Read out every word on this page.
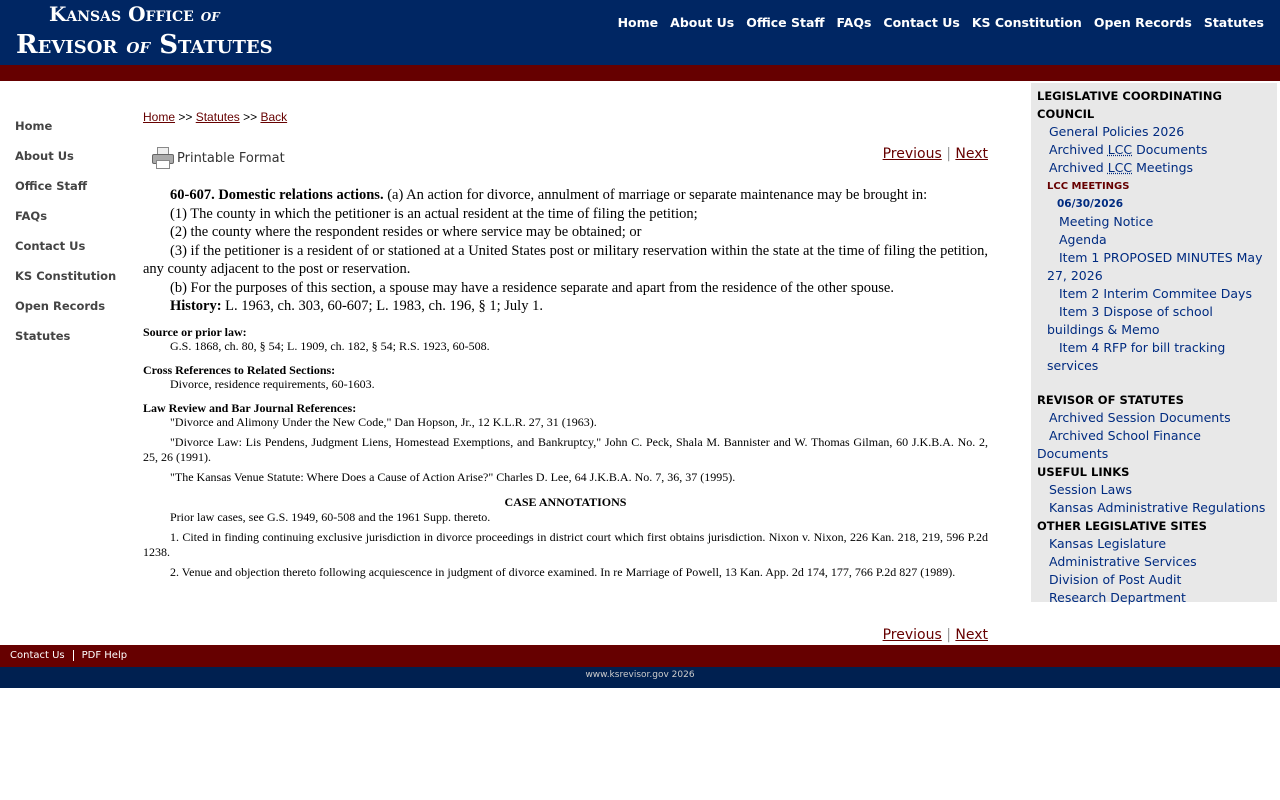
Kansas Office of
Revisor of Statutes
Home About Us Office Staff FAQs Contact Us KS Constitution Open Records Statutes
Home
About Us
Office Staff
FAQs
Contact Us
KS Constitution
Open Records
Statutes
Home >> Statutes >> Back
Printable Format	Previous | Next

60-607. Domestic relations actions. (a) An action for divorce, annulment of marriage or separate maintenance may be brought in:

(1) The county in which the petitioner is an actual resident at the time of filing the petition;

(2) the county where the respondent resides or where service may be obtained; or

(3) if the petitioner is a resident of or stationed at a United States post or military reservation within the state at the time of filing the petition, any county adjacent to the post or reservation.

(b) For the purposes of this section, a spouse may have a residence separate and apart from the residence of the other spouse.

History: L. 1963, ch. 303, 60-607; L. 1983, ch. 196, § 1; July 1.

Source or prior law:
G.S. 1868, ch. 80, § 54; L. 1909, ch. 182, § 54; R.S. 1923, 60-508.
Cross References to Related Sections:
Divorce, residence requirements, 60-1603.
Law Review and Bar Journal References:
"Divorce and Alimony Under the New Code," Dan Hopson, Jr., 12 K.L.R. 27, 31 (1963).
"Divorce Law: Lis Pendens, Judgment Liens, Homestead Exemptions, and Bankruptcy," John C. Peck, Shala M. Bannister and W. Thomas Gilman, 60 J.K.B.A. No. 2, 25, 26 (1991).
"The Kansas Venue Statute: Where Does a Cause of Action Arise?" Charles D. Lee, 64 J.K.B.A. No. 7, 36, 37 (1995).
CASE ANNOTATIONS
Prior law cases, see G.S. 1949, 60-508 and the 1961 Supp. thereto.
1. Cited in finding continuing exclusive jurisdiction in divorce proceedings in district court which first obtains jurisdiction. Nixon v. Nixon, 226 Kan. 218, 219, 596 P.2d 1238.
2. Venue and objection thereto following acquiescence in judgment of divorce examined. In re Marriage of Powell, 13 Kan. App. 2d 174, 177, 766 P.2d 827 (1989).
Previous | Next
LEGISLATIVE COORDINATING COUNCIL
General Policies 2026
Archived LCC Documents
Archived LCC Meetings
LCC MEETINGS
06/30/2026
Meeting Notice
Agenda
Item 1 PROPOSED MINUTES May 27, 2026
Item 2 Interim Commitee Days
Item 3 Dispose of school buildings & Memo
Item 4 RFP for bill tracking services
REVISOR OF STATUTES
Archived Session Documents
Archived School Finance Documents
USEFUL LINKS
Session Laws
Kansas Administrative Regulations
OTHER LEGISLATIVE SITES
Kansas Legislature
Administrative Services
Division of Post Audit
Research Department
Contact Us PDF Help
www.ksrevisor.gov 2026
